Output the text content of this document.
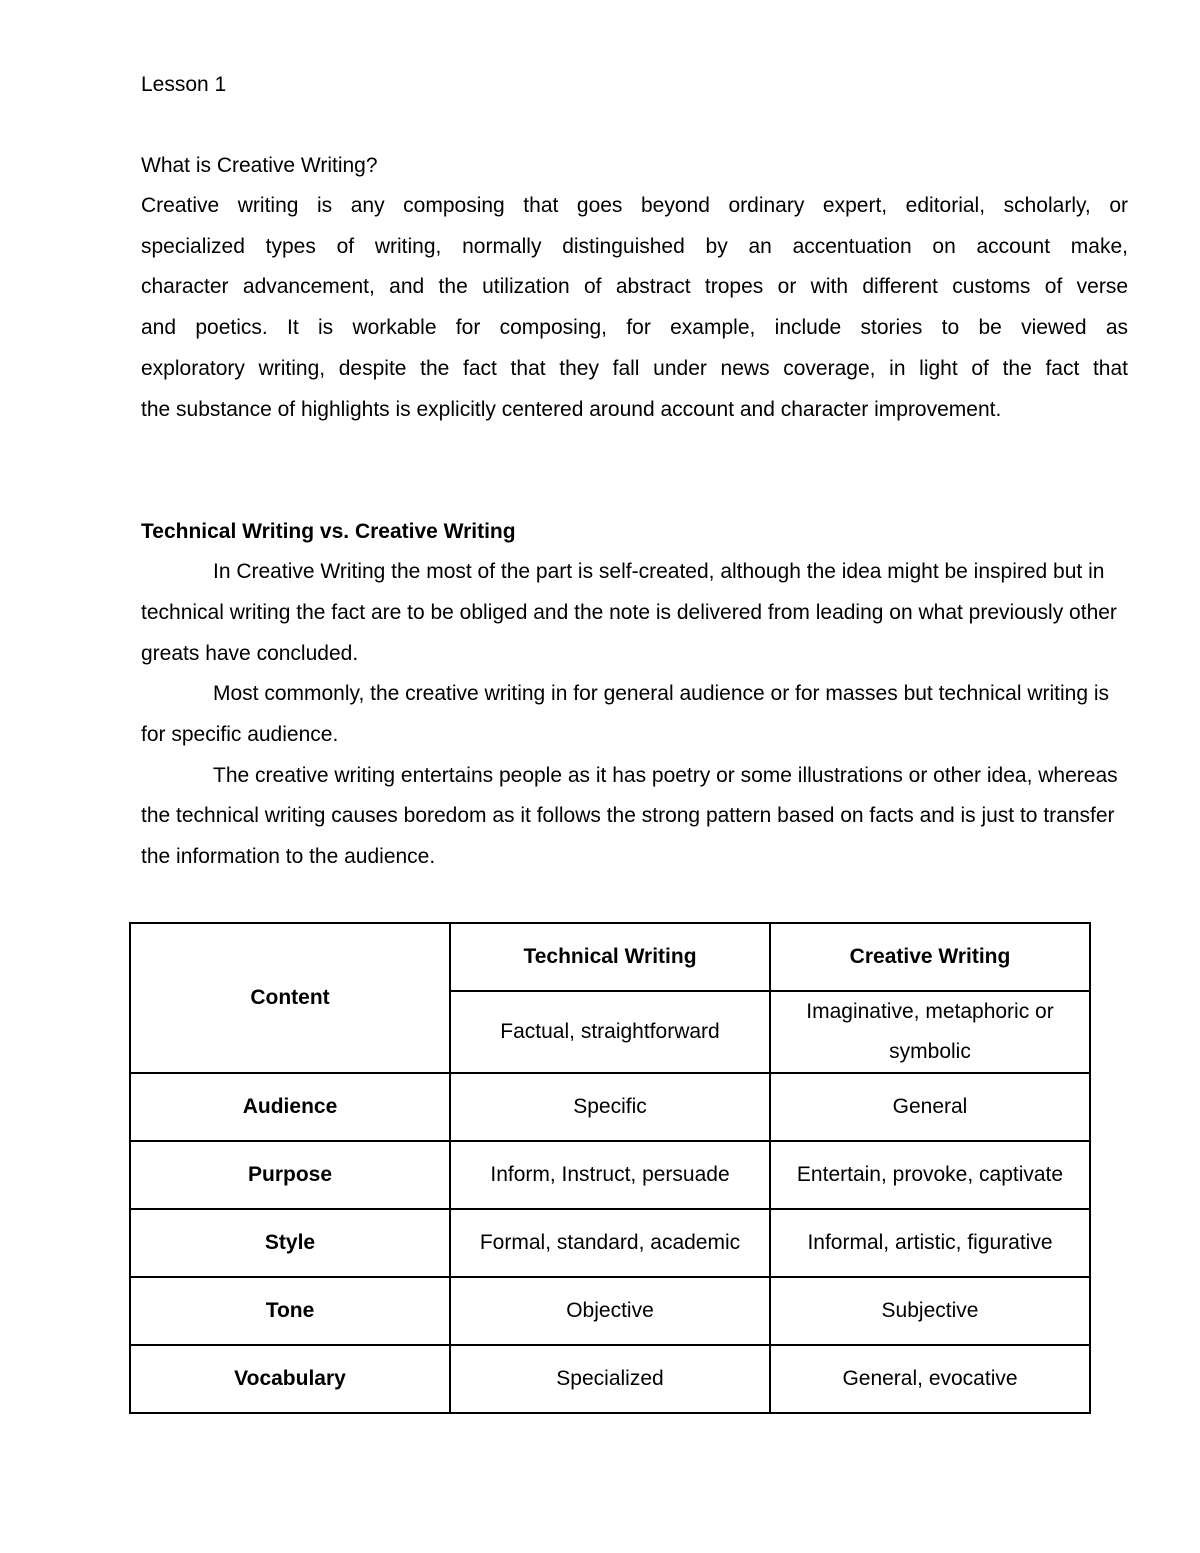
Lesson 1

What is Creative Writing?

Creative writing is any composing that goes beyond ordinary expert, editorial, scholarly, or

specialized types of writing, normally distinguished by an accentuation on account make,

character advancement, and the utilization of abstract tropes or with different customs of verse

and poetics. It is workable for composing, for example, include stories to be viewed as

exploratory writing, despite the fact that they fall under news coverage, in light of the fact that

the substance of highlights is explicitly centered around account and character improvement.

Technical Writing vs. Creative Writing

In Creative Writing the most of the part is self-created, although the idea might be inspired but in technical writing the fact are to be obliged and the note is delivered from leading on what previously other greats have concluded.

Most commonly, the creative writing in for general audience or for masses but technical writing is for specific audience.

The creative writing entertains people as it has poetry or some illustrations or other idea, whereas the technical writing causes boredom as it follows the strong pattern based on facts and is just to transfer the information to the audience.

Content	Technical Writing	Creative Writing
	Factual, straightforward	Imaginative, metaphoric or symbolic
Audience	Specific	General
Purpose	Inform, Instruct, persuade	Entertain, provoke, captivate
Style	Formal, standard, academic	Informal, artistic, figurative
Tone	Objective	Subjective
Vocabulary	Specialized	General, evocative
